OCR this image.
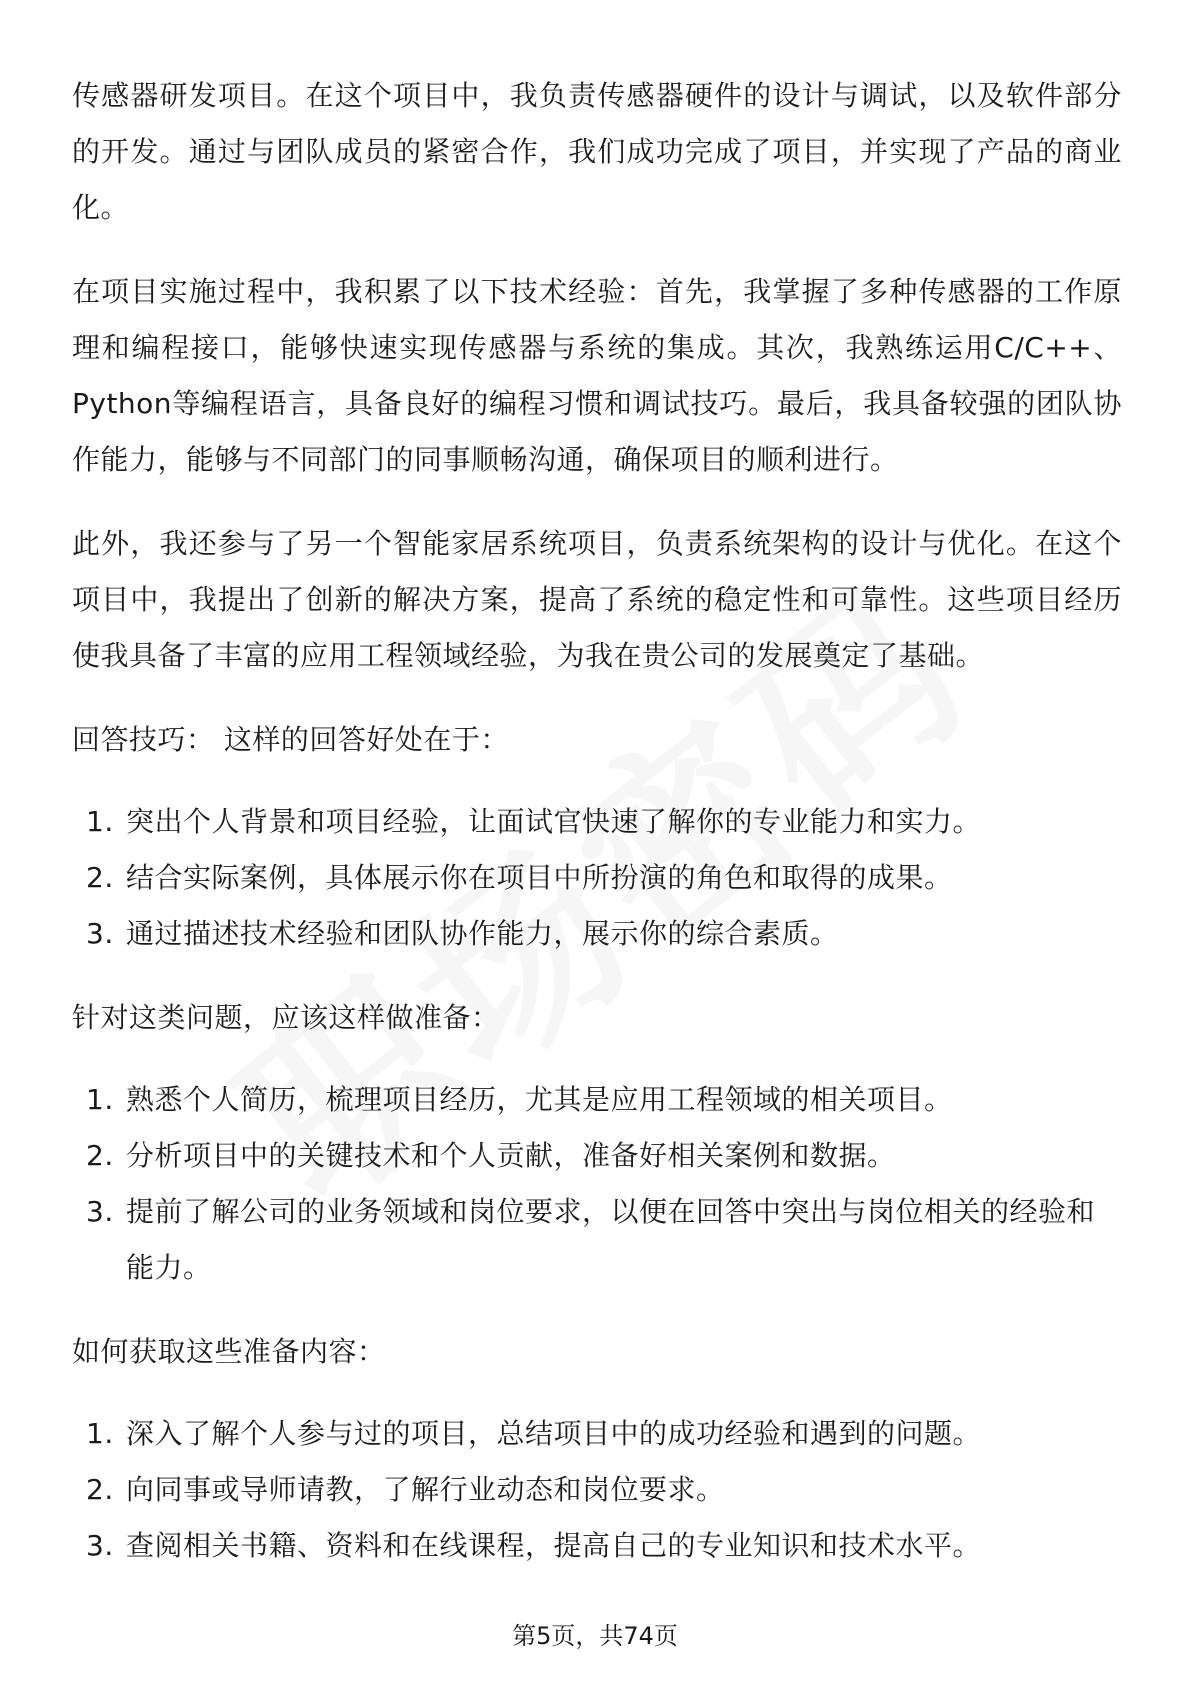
传感器研发项目。在这个项目中，我负责传感器硬件的设计与调试，以及软件部分的开发。通过与团队成员的紧密合作，我们成功完成了项目，并实现了产品的商业化。

在项目实施过程中，我积累了以下技术经验：首先，我掌握了多种传感器的工作原理和编程接口，能够快速实现传感器与系统的集成。其次，我熟练运用C/C++、Python等编程语言，具备良好的编程习惯和调试技巧。最后，我具备较强的团队协作能力，能够与不同部门的同事顺畅沟通，确保项目的顺利进行。

此外，我还参与了另一个智能家居系统项目，负责系统架构的设计与优化。在这个项目中，我提出了创新的解决方案，提高了系统的稳定性和可靠性。这些项目经历使我具备了丰富的应用工程领域经验，为我在贵公司的发展奠定了基础。

回答技巧： 这样的回答好处在于：

1. 突出个人背景和项目经验，让面试官快速了解你的专业能力和实力。
2. 结合实际案例，具体展示你在项目中所扮演的角色和取得的成果。
3. 通过描述技术经验和团队协作能力，展示你的综合素质。

针对这类问题，应该这样做准备：

1. 熟悉个人简历，梳理项目经历，尤其是应用工程领域的相关项目。
2. 分析项目中的关键技术和个人贡献，准备好相关案例和数据。
3. 提前了解公司的业务领域和岗位要求，以便在回答中突出与岗位相关的经验和能力。

如何获取这些准备内容：

1. 深入了解个人参与过的项目，总结项目中的成功经验和遇到的问题。
2. 向同事或导师请教，了解行业动态和岗位要求。
3. 查阅相关书籍、资料和在线课程，提高自己的专业知识和技术水平。
第5页，共74页
